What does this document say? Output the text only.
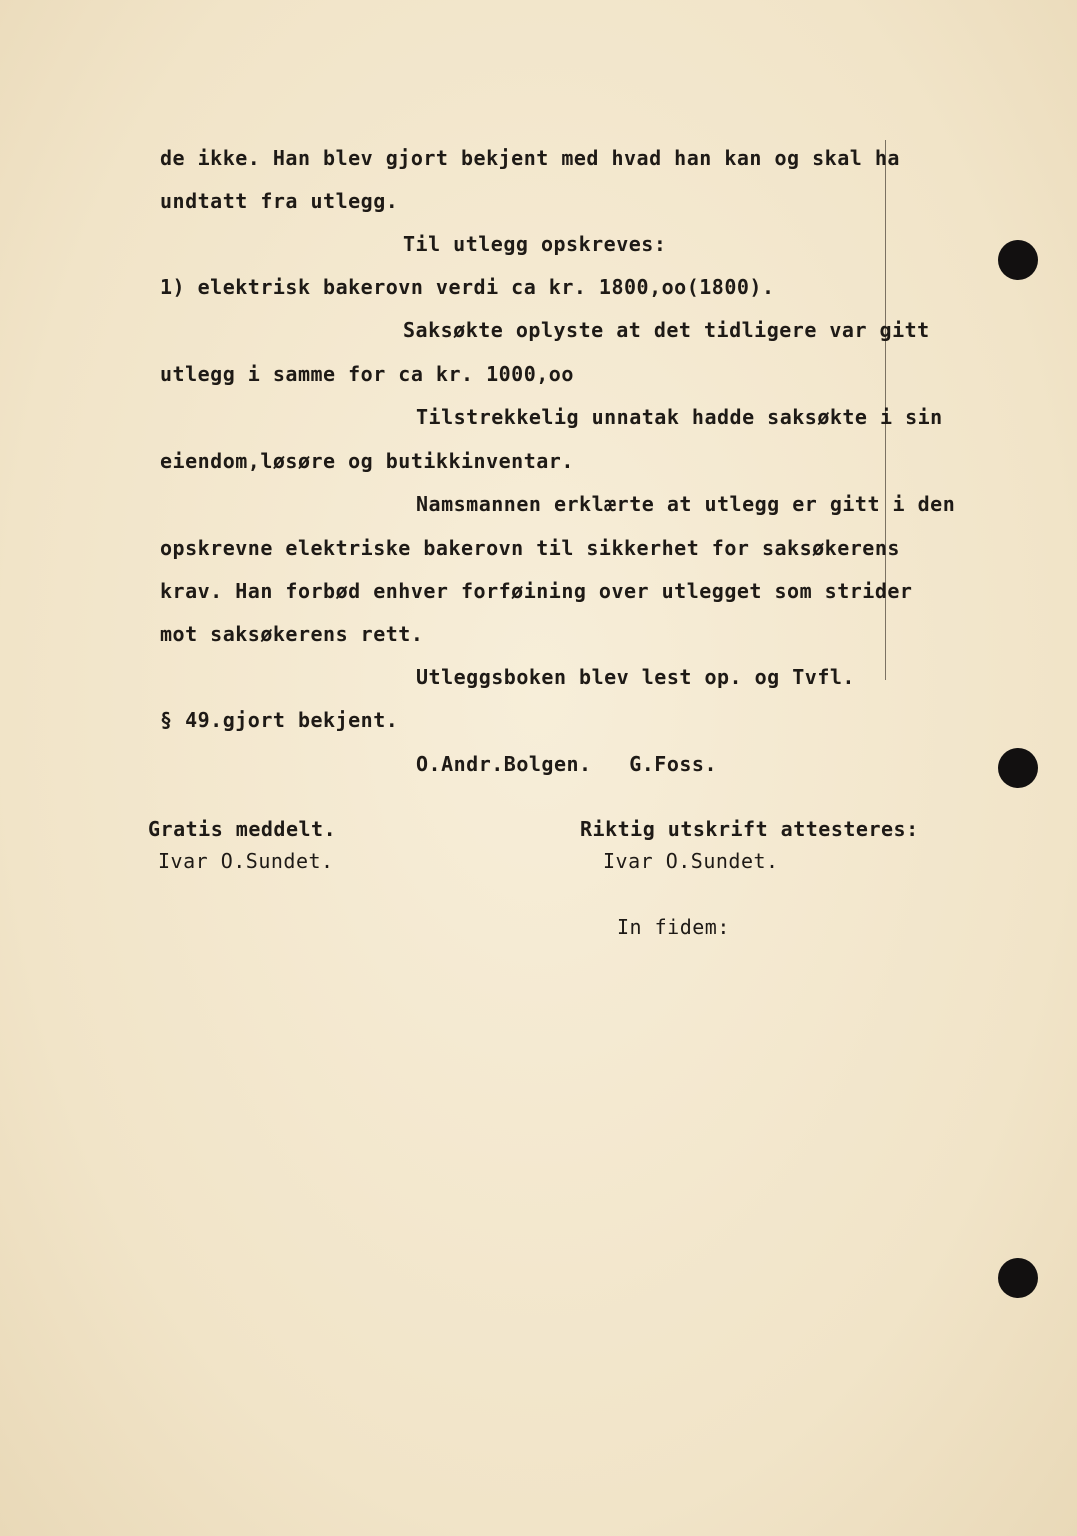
de ikke. Han blev gjort bekjent med hvad han kan og skal ha
undtatt fra utlegg.
Til utlegg opskreves:
1) elektrisk bakerovn verdi ca kr. 1800,oo(1800).
Saksøkte oplyste at det tidligere var gitt
utlegg i samme for ca kr. 1000,oo
Tilstrekkelig unnatak hadde saksøkte i sin
eiendom,løsøre og butikkinventar.
Namsmannen erklærte at utlegg er gitt i den
opskrevne elektriske bakerovn til sikkerhet for saksøkerens
krav. Han forbød enhver forføining over utlegget som strider
mot saksøkerens rett.
Utleggsboken blev lest op. og Tvfl.
§ 49.gjort bekjent.
O.Andr.Bolgen.   G.Foss.
Gratis meddelt.
Ivar O.Sundet.
Riktig utskrift attesteres:
Ivar O.Sundet.
In fidem:
